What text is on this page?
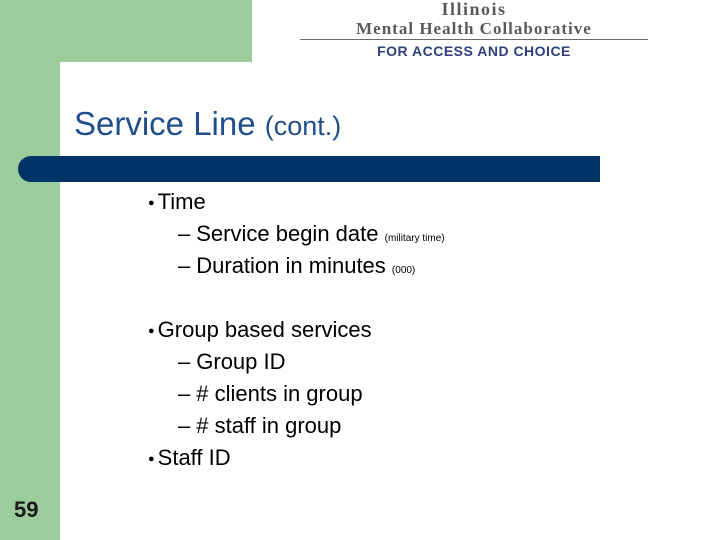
Illinois
Mental Health Collaborative
FOR ACCESS AND CHOICE
Service Line (cont.)
● Time
– Service begin date (military time)
– Duration in minutes (000)
● Group based services
– Group ID
– # clients in group
– # staff in group
● Staff ID
59
